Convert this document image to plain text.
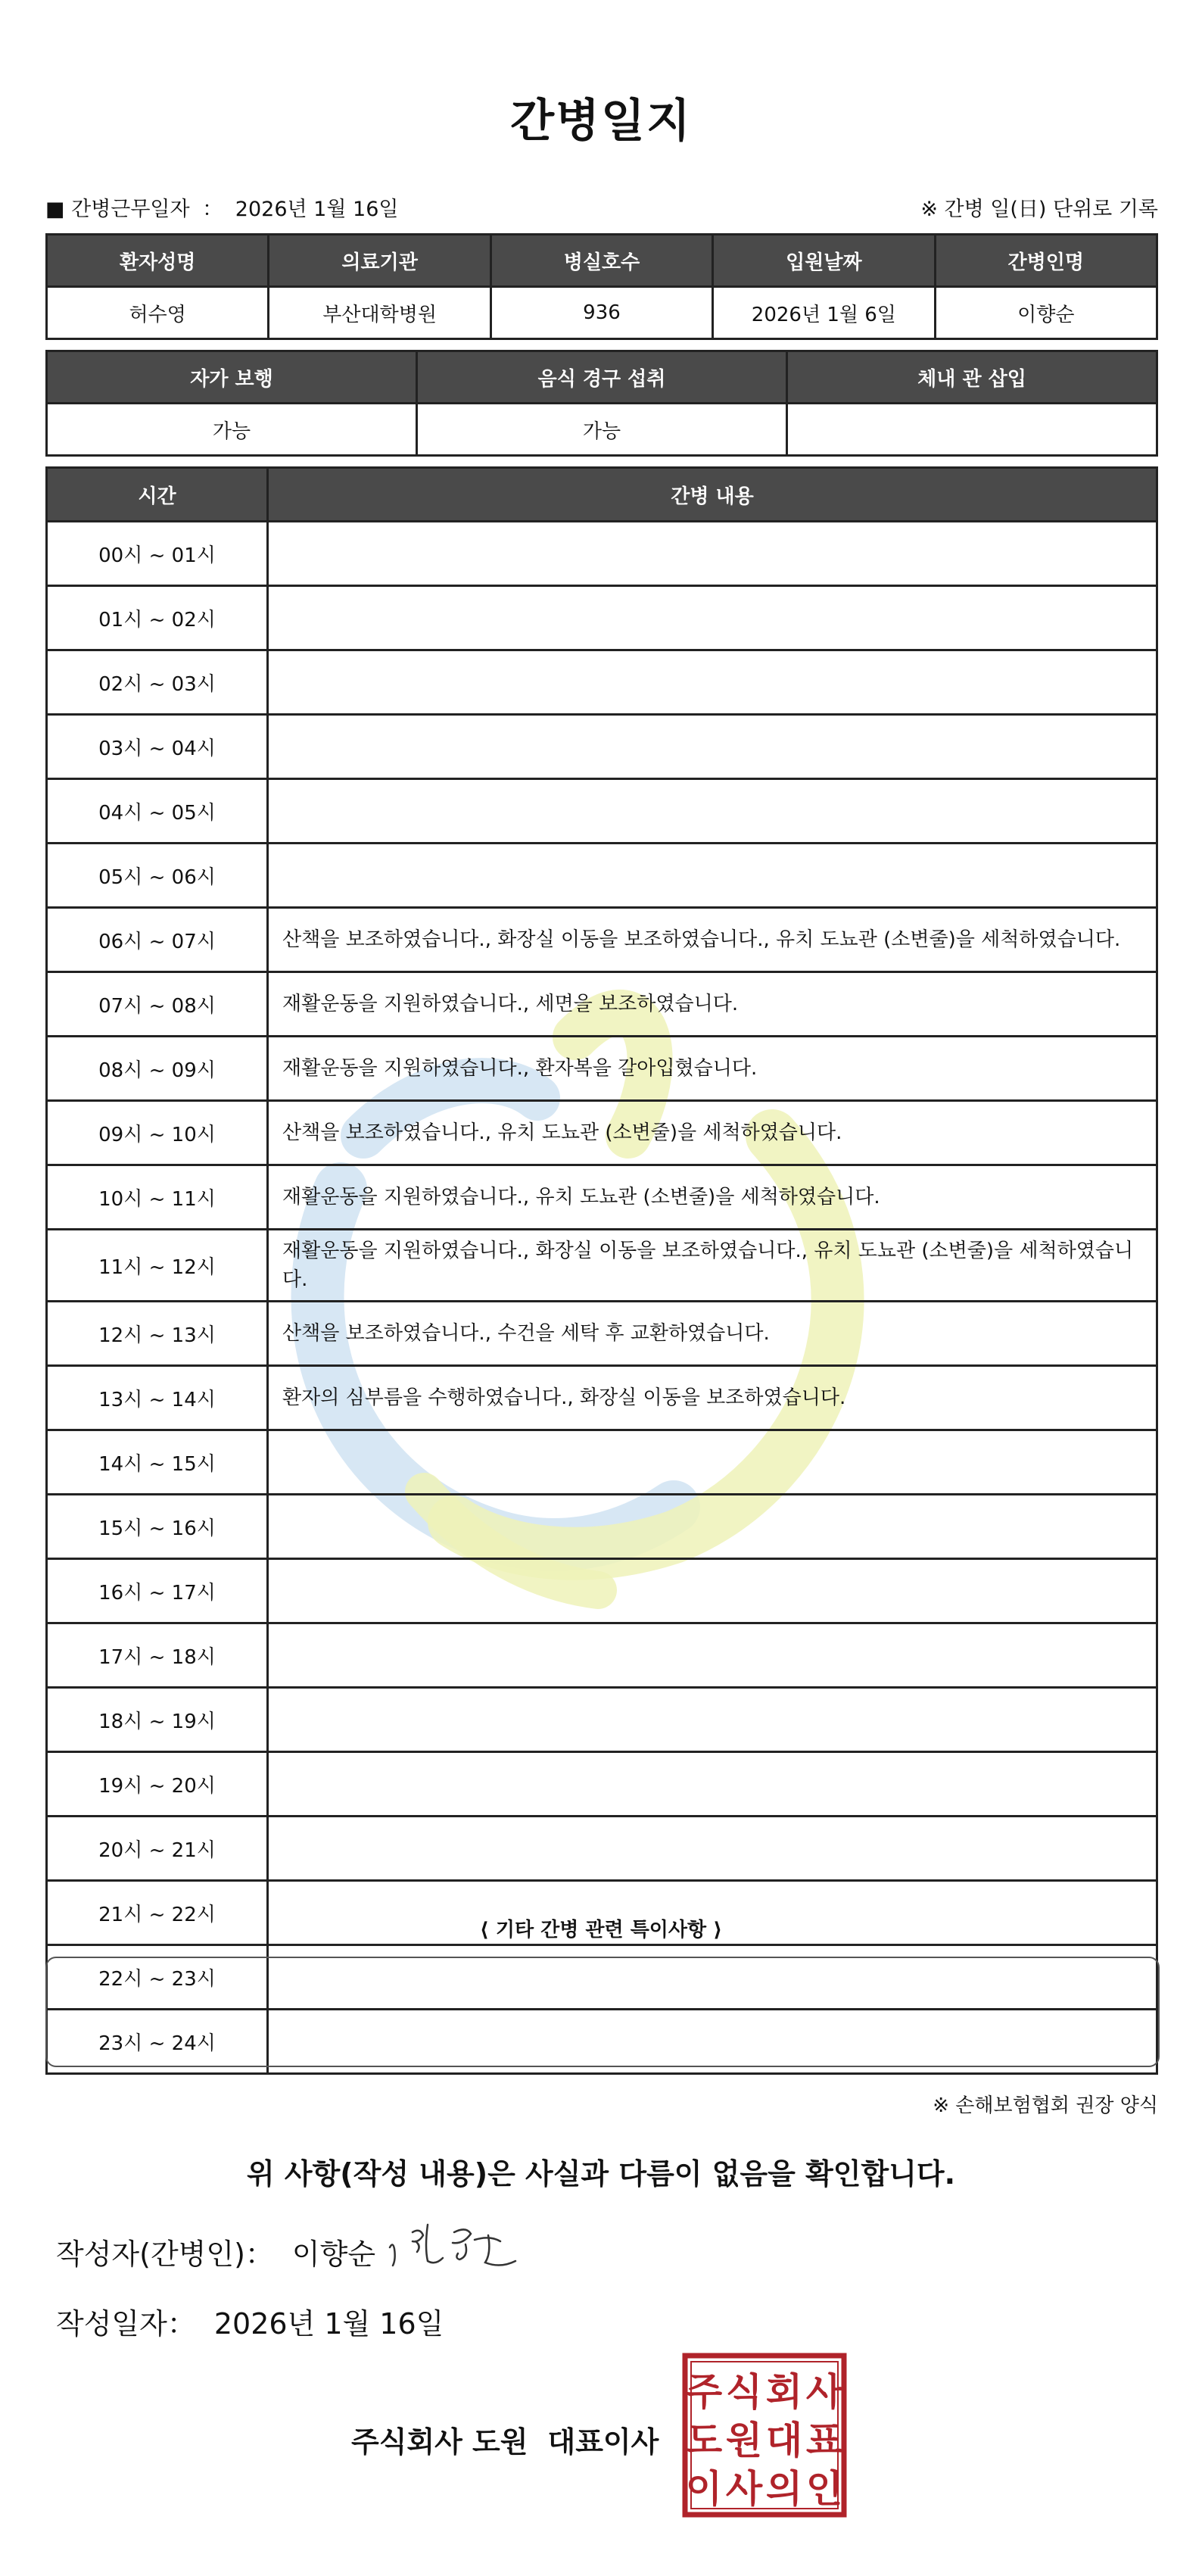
간병일지
■ 간병근무일자 ： 2026년 1월 16일	※ 간병 일(日) 단위로 기록
환자성명	의료기관	병실호수	입원날짜	간병인명
허수영	부산대학병원	936	2026년 1월 6일	이향순
자가 보행	음식 경구 섭취	체내 관 삽입
가능	가능	
시간	간병 내용
00시 ~ 01시	
01시 ~ 02시	
02시 ~ 03시	
03시 ~ 04시	
04시 ~ 05시	
05시 ~ 06시	
06시 ~ 07시	산책을 보조하였습니다., 화장실 이동을 보조하였습니다., 유치 도뇨관 (소변줄)을 세척하였습니다.
07시 ~ 08시	재활운동을 지원하였습니다., 세면을 보조하였습니다.
08시 ~ 09시	재활운동을 지원하였습니다., 환자복을 갈아입혔습니다.
09시 ~ 10시	산책을 보조하였습니다., 유치 도뇨관 (소변줄)을 세척하였습니다.
10시 ~ 11시	재활운동을 지원하였습니다., 유치 도뇨관 (소변줄)을 세척하였습니다.
11시 ~ 12시	재활운동을 지원하였습니다., 화장실 이동을 보조하였습니다., 유치 도뇨관 (소변줄)을 세척하였습니다.
12시 ~ 13시	산책을 보조하였습니다., 수건을 세탁 후 교환하였습니다.
13시 ~ 14시	환자의 심부름을 수행하였습니다., 화장실 이동을 보조하였습니다.
14시 ~ 15시	
15시 ~ 16시	
16시 ~ 17시	
17시 ~ 18시	
18시 ~ 19시	
19시 ~ 20시	
20시 ~ 21시	
21시 ~ 22시	
22시 ~ 23시	
23시 ~ 24시	
⟨ 기타 간병 관련 특이사항 ⟩
※ 손해보험협회 권장 양식
위 사항(작성 내용)은 사실과 다름이 없음을 확인합니다.
작성자(간병인)： 이향순
작성일자： 2026년 1월 16일
주식회사 도원 대표이사
주 식 회 사
도 원 대 표
이 사 의 인
